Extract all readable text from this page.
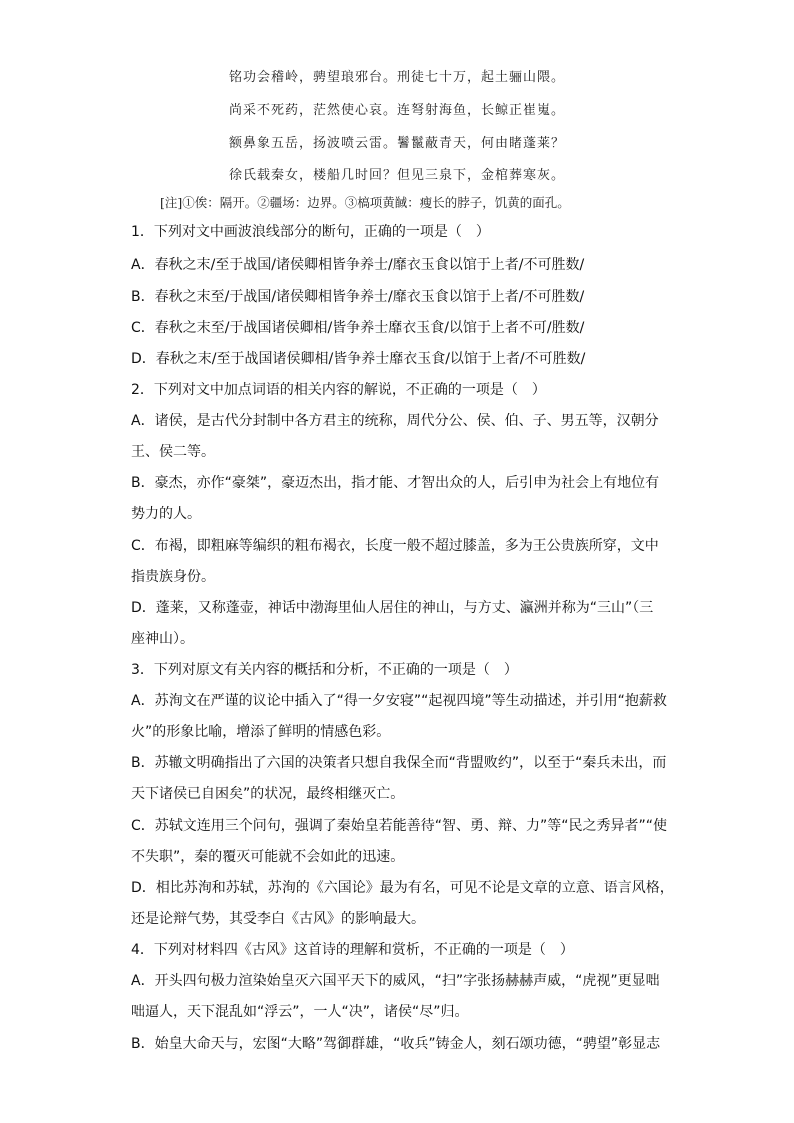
铭功会稽岭，骋望琅邪台。刑徒七十万，起土骊山隈。
尚采不死药，茫然使心哀。连弩射海鱼，长鲸正崔嵬。
额鼻象五岳，扬波喷云雷。鬐鬣蔽青天，何由睹蓬莱？
徐氏载秦女，楼船几时回？但见三泉下，金棺葬寒灰。
[注]①俟：隔开。②疆场：边界。③槁项黄馘：瘦长的脖子，饥黄的面孔。
1．下列对文中画波浪线部分的断句，正确的一项是（　）
A．春秋之末/至于战国/诸侯卿相皆争养士/靡衣玉食以馆于上者/不可胜数/
B．春秋之末至/于战国/诸侯卿相皆争养士/靡衣玉食以馆于上者/不可胜数/
C．春秋之末至/于战国诸侯卿相/皆争养士靡衣玉食/以馆于上者不可/胜数/
D．春秋之末/至于战国诸侯卿相/皆争养士靡衣玉食/以馆于上者/不可胜数/
2．下列对文中加点词语的相关内容的解说，不正确的一项是（　）
A．诸侯，是古代分封制中各方君主的统称，周代分公、侯、伯、子、男五等，汉朝分
王、侯二等。
B．豪杰，亦作“豪桀”，豪迈杰出，指才能、才智出众的人，后引申为社会上有地位有
势力的人。
C．布褐，即粗麻等编织的粗布褐衣，长度一般不超过膝盖，多为王公贵族所穿，文中
指贵族身份。
D．蓬莱，又称蓬壶，神话中渤海里仙人居住的神山，与方丈、瀛洲并称为“三山”（三
座神山）。
3．下列对原文有关内容的概括和分析，不正确的一项是（　）
A．苏洵文在严谨的议论中插入了“得一夕安寝”“起视四境”等生动描述，并引用“抱薪救
火”的形象比喻，增添了鲜明的情感色彩。
B．苏辙文明确指出了六国的决策者只想自我保全而“背盟败约”，以至于“秦兵未出，而
天下诸侯已自困矣”的状况，最终相继灭亡。
C．苏轼文连用三个问句，强调了秦始皇若能善待“智、勇、辩、力”等“民之秀异者”“使
不失职”，秦的覆灭可能就不会如此的迅速。
D．相比苏洵和苏轼，苏洵的《六国论》最为有名，可见不论是文章的立意、语言风格，
还是论辩气势，其受李白《古风》的影响最大。
4．下列对材料四《古风》这首诗的理解和赏析，不正确的一项是（　）
A．开头四句极力渲染始皇灭六国平天下的威风，“扫”字张扬赫赫声威，“虎视”更显咄
咄逼人，天下混乱如“浮云”，一人“决”，诸侯“尽”归。
B．始皇大命天与，宏图“大略”驾御群雄，“收兵”铸金人，刻石颂功德，“骋望”彰显志
